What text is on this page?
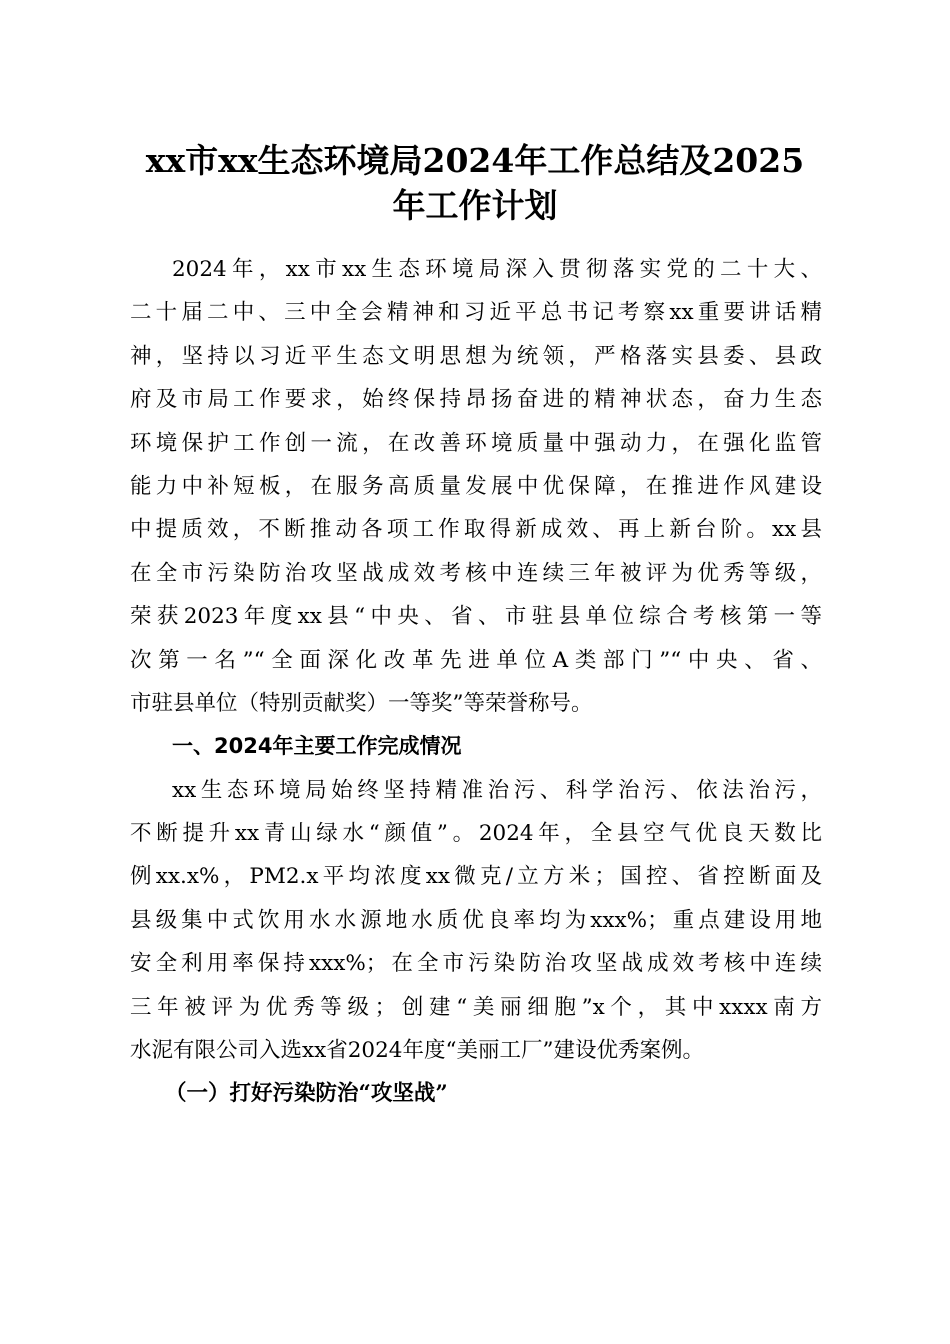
xx市xx生态环境局2024年工作总结及2025
年工作计划
2024年，xx市xx生态环境局深入贯彻落实党的二十大、
二十届二中、三中全会精神和习近平总书记考察xx重要讲话精
神，坚持以习近平生态文明思想为统领，严格落实县委、县政
府及市局工作要求，始终保持昂扬奋进的精神状态，奋力生态
环境保护工作创一流，在改善环境质量中强动力，在强化监管
能力中补短板，在服务高质量发展中优保障，在推进作风建设
中提质效，不断推动各项工作取得新成效、再上新台阶。xx县
在全市污染防治攻坚战成效考核中连续三年被评为优秀等级，
荣获2023年度xx县“中央、省、市驻县单位综合考核第一等
次第一名”“全面深化改革先进单位A类部门”“中央、省、
市驻县单位（特别贡献奖）一等奖”等荣誉称号。
一、2024年主要工作完成情况
xx生态环境局始终坚持精准治污、科学治污、依法治污，
不断提升xx青山绿水“颜值”。2024年，全县空气优良天数比
例xx.x%，PM2.x平均浓度xx微克/立方米；国控、省控断面及
县级集中式饮用水水源地水质优良率均为xxx%；重点建设用地
安全利用率保持xxx%；在全市污染防治攻坚战成效考核中连续
三年被评为优秀等级；创建“美丽细胞”x个，其中xxxx南方
水泥有限公司入选xx省2024年度“美丽工厂”建设优秀案例。
（一）打好污染防治“攻坚战”
